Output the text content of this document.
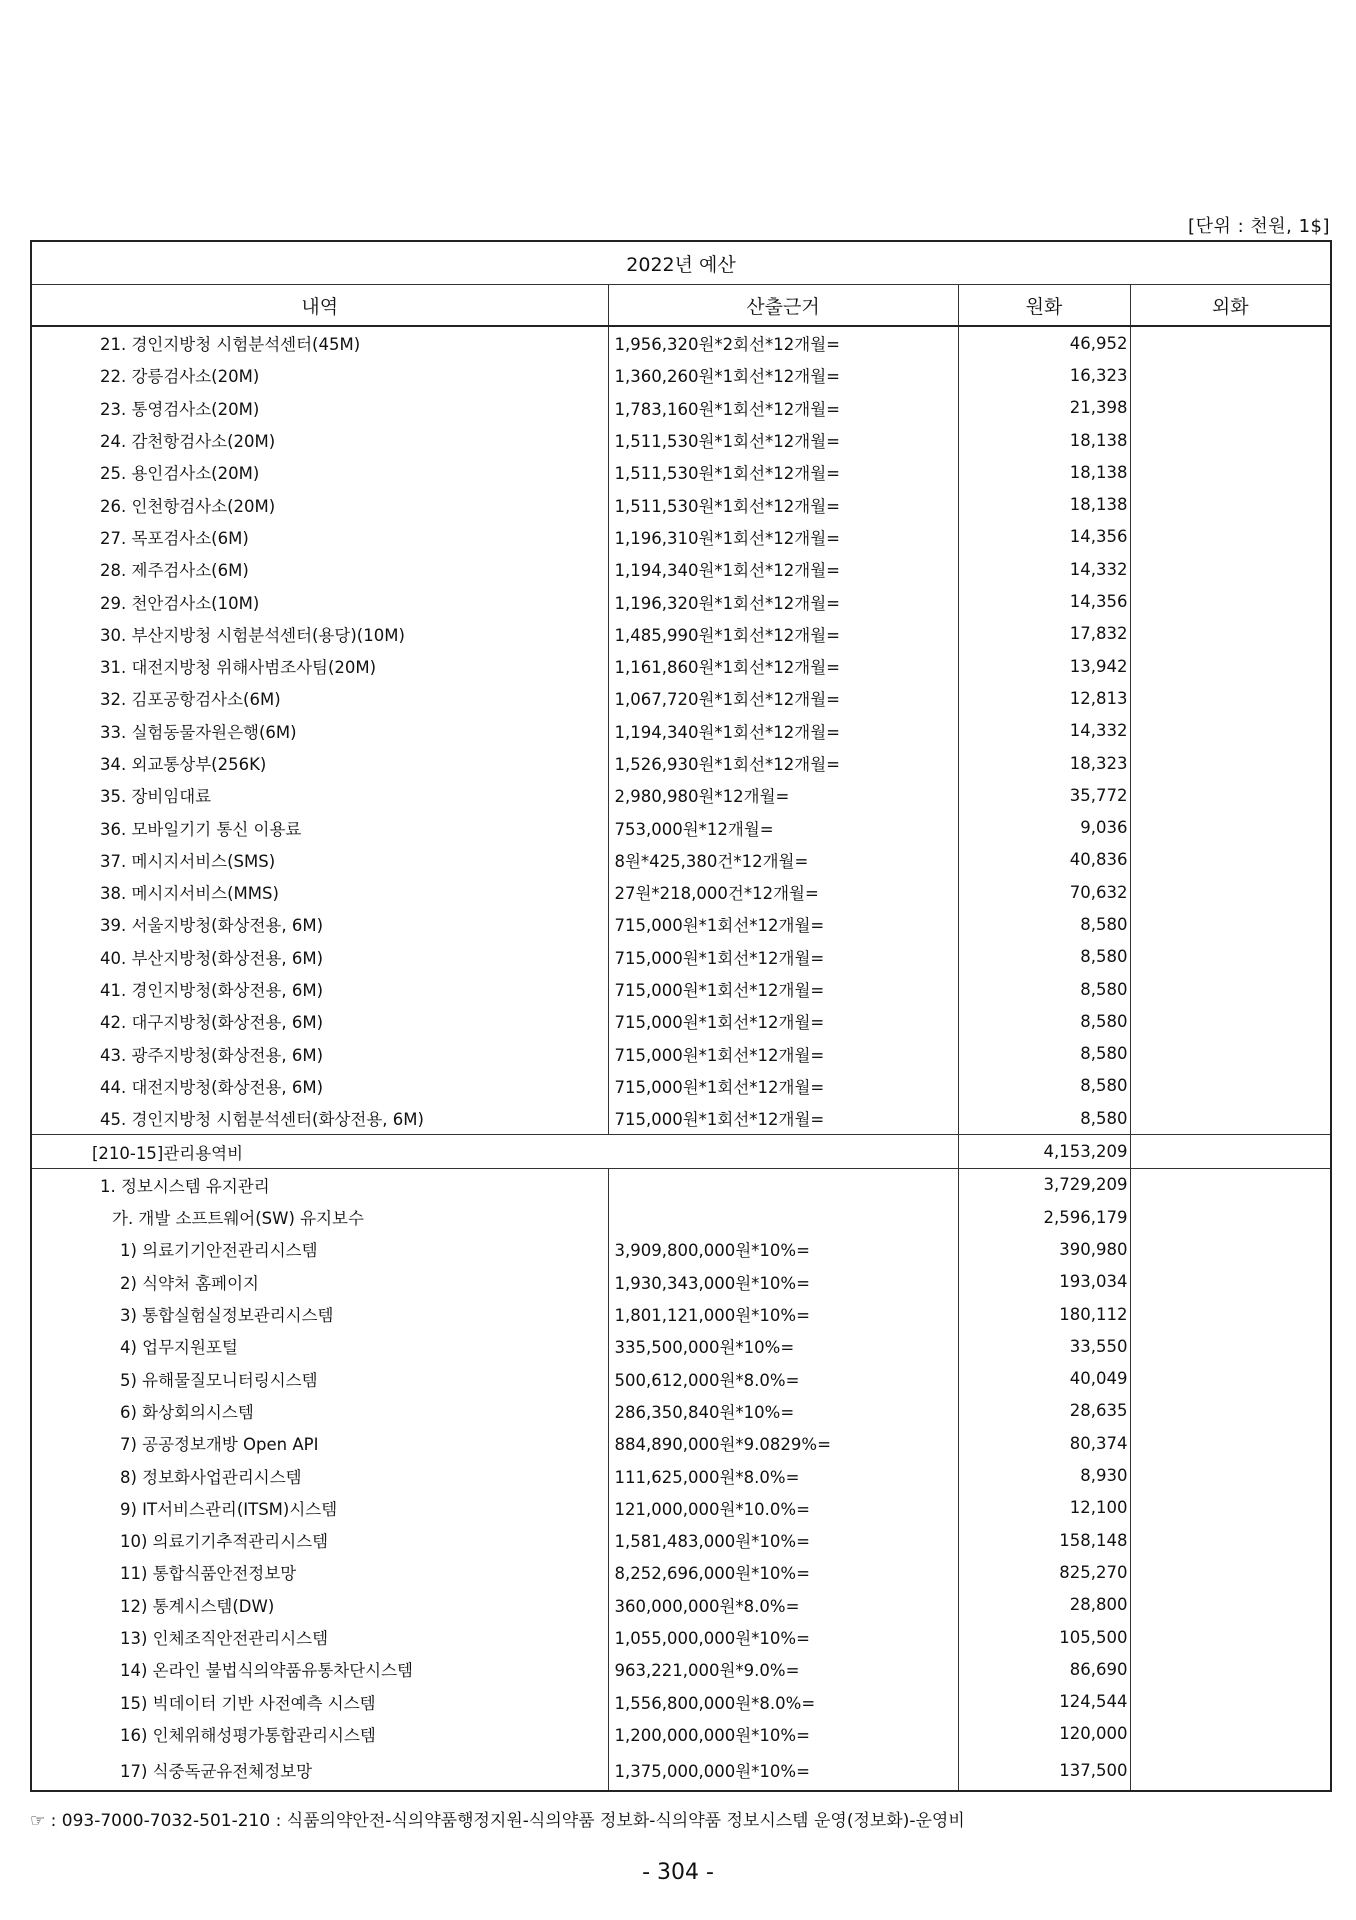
[단위 : 천원, 1$]
2022년 예산			
내역	산출근거	원화	외화
21. 경인지방청 시험분석센터(45M)	1,956,320원*2회선*12개월=	46,952	
22. 강릉검사소(20M)	1,360,260원*1회선*12개월=	16,323	
23. 통영검사소(20M)	1,783,160원*1회선*12개월=	21,398	
24. 감천항검사소(20M)	1,511,530원*1회선*12개월=	18,138	
25. 용인검사소(20M)	1,511,530원*1회선*12개월=	18,138	
26. 인천항검사소(20M)	1,511,530원*1회선*12개월=	18,138	
27. 목포검사소(6M)	1,196,310원*1회선*12개월=	14,356	
28. 제주검사소(6M)	1,194,340원*1회선*12개월=	14,332	
29. 천안검사소(10M)	1,196,320원*1회선*12개월=	14,356	
30. 부산지방청 시험분석센터(용당)(10M)	1,485,990원*1회선*12개월=	17,832	
31. 대전지방청 위해사범조사팀(20M)	1,161,860원*1회선*12개월=	13,942	
32. 김포공항검사소(6M)	1,067,720원*1회선*12개월=	12,813	
33. 실험동물자원은행(6M)	1,194,340원*1회선*12개월=	14,332	
34. 외교통상부(256K)	1,526,930원*1회선*12개월=	18,323	
35. 장비임대료	2,980,980원*12개월=	35,772	
36. 모바일기기 통신 이용료	753,000원*12개월=	9,036	
37. 메시지서비스(SMS)	8원*425,380건*12개월=	40,836	
38. 메시지서비스(MMS)	27원*218,000건*12개월=	70,632	
39. 서울지방청(화상전용, 6M)	715,000원*1회선*12개월=	8,580	
40. 부산지방청(화상전용, 6M)	715,000원*1회선*12개월=	8,580	
41. 경인지방청(화상전용, 6M)	715,000원*1회선*12개월=	8,580	
42. 대구지방청(화상전용, 6M)	715,000원*1회선*12개월=	8,580	
43. 광주지방청(화상전용, 6M)	715,000원*1회선*12개월=	8,580	
44. 대전지방청(화상전용, 6M)	715,000원*1회선*12개월=	8,580	
45. 경인지방청 시험분석센터(화상전용, 6M)	715,000원*1회선*12개월=	8,580	
[210-15]관리용역비		4,153,209	
1. 정보시스템 유지관리		3,729,209	
가. 개발 소프트웨어(SW) 유지보수		2,596,179	
1) 의료기기안전관리시스템	3,909,800,000원*10%=	390,980	
2) 식약처 홈페이지	1,930,343,000원*10%=	193,034	
3) 통합실험실정보관리시스템	1,801,121,000원*10%=	180,112	
4) 업무지원포털	335,500,000원*10%=	33,550	
5) 유해물질모니터링시스템	500,612,000원*8.0%=	40,049	
6) 화상회의시스템	286,350,840원*10%=	28,635	
7) 공공정보개방 Open API	884,890,000원*9.0829%=	80,374	
8) 정보화사업관리시스템	111,625,000원*8.0%=	8,930	
9) IT서비스관리(ITSM)시스템	121,000,000원*10.0%=	12,100	
10) 의료기기추적관리시스템	1,581,483,000원*10%=	158,148	
11) 통합식품안전정보망	8,252,696,000원*10%=	825,270	
12) 통계시스템(DW)	360,000,000원*8.0%=	28,800	
13) 인체조직안전관리시스템	1,055,000,000원*10%=	105,500	
14) 온라인 불법식의약품유통차단시스템	963,221,000원*9.0%=	86,690	
15) 빅데이터 기반 사전예측 시스템	1,556,800,000원*8.0%=	124,544	
16) 인체위해성평가통합관리시스템	1,200,000,000원*10%=	120,000	
17) 식중독균유전체정보망	1,375,000,000원*10%=	137,500	
☞ : 093-7000-7032-501-210 : 식품의약안전-식의약품행정지원-식의약품 정보화-식의약품 정보시스템 운영(정보화)-운영비
- 304 -
